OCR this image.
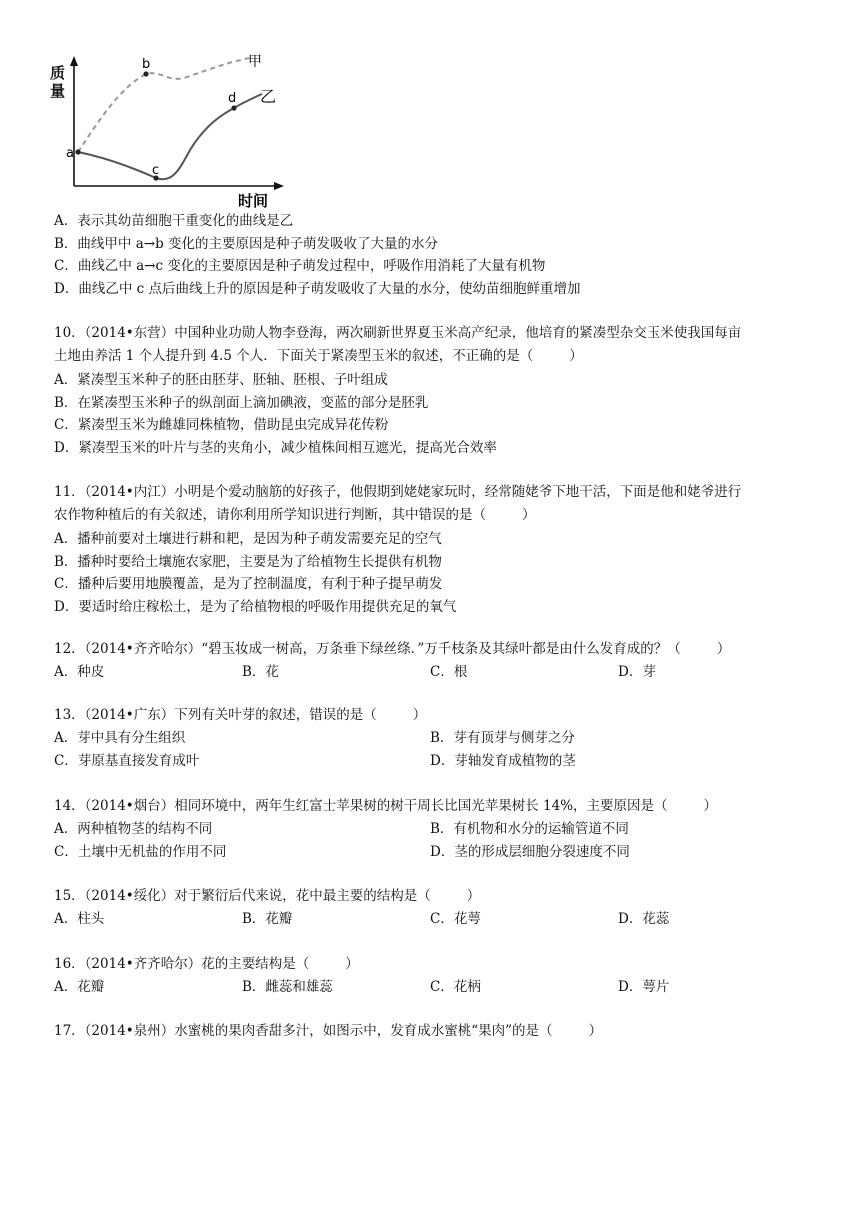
a
b
c
d
甲
乙
时间
质量
A．表示其幼苗细胞干重变化的曲线是乙
B．曲线甲中 a→b 变化的主要原因是种子萌发吸收了大量的水分
C．曲线乙中 a→c 变化的主要原因是种子萌发过程中，呼吸作用消耗了大量有机物
D．曲线乙中 c 点后曲线上升的原因是种子萌发吸收了大量的水分，使幼苗细胞鲜重增加
10．（2014•东营）中国种业功勋人物李登海，两次刷新世界夏玉米高产纪录，他培育的紧凑型杂交玉米使我国每亩
土地由养活 1 个人提升到 4.5 个人．下面关于紧凑型玉米的叙述，不正确的是（	）
A．紧凑型玉米种子的胚由胚芽、胚轴、胚根、子叶组成
B．在紧凑型玉米种子的纵剖面上滴加碘液，变蓝的部分是胚乳
C．紧凑型玉米为雌雄同株植物，借助昆虫完成异花传粉
D．紧凑型玉米的叶片与茎的夹角小，减少植株间相互遮光，提高光合效率
11．（2014•内江）小明是个爱动脑筋的好孩子，他假期到姥姥家玩时，经常随姥爷下地干活，下面是他和姥爷进行
农作物种植后的有关叙述，请你利用所学知识进行判断，其中错误的是（	）
A．播种前要对土壤进行耕和耙，是因为种子萌发需要充足的空气
B．播种时要给土壤施农家肥，主要是为了给植物生长提供有机物
C．播种后要用地膜覆盖，是为了控制温度，有利于种子提早萌发
D．要适时给庄稼松土，是为了给植物根的呼吸作用提供充足的氧气
12．（2014•齐齐哈尔）“碧玉妆成一树高，万条垂下绿丝绦．”万千枝条及其绿叶都是由什么发育成的？（	）
A．种皮	B．花	C．根	D．芽
13．（2014•广东）下列有关叶芽的叙述，错误的是（	）
A．芽中具有分生组织	B．芽有顶芽与侧芽之分
C．芽原基直接发育成叶	D．芽轴发育成植物的茎
14．（2014•烟台）相同环境中，两年生红富士苹果树的树干周长比国光苹果树长 14%，主要原因是（	）
A．两种植物茎的结构不同	B．有机物和水分的运输管道不同
C．土壤中无机盐的作用不同	D．茎的形成层细胞分裂速度不同
15．（2014•绥化）对于繁衍后代来说，花中最主要的结构是（	）
A．柱头	B．花瓣	C．花萼	D．花蕊
16．（2014•齐齐哈尔）花的主要结构是（	）
A．花瓣	B．雌蕊和雄蕊	C．花柄	D．萼片
17．（2014•泉州）水蜜桃的果肉香甜多汁，如图示中，发育成水蜜桃“果肉”的是（	）
